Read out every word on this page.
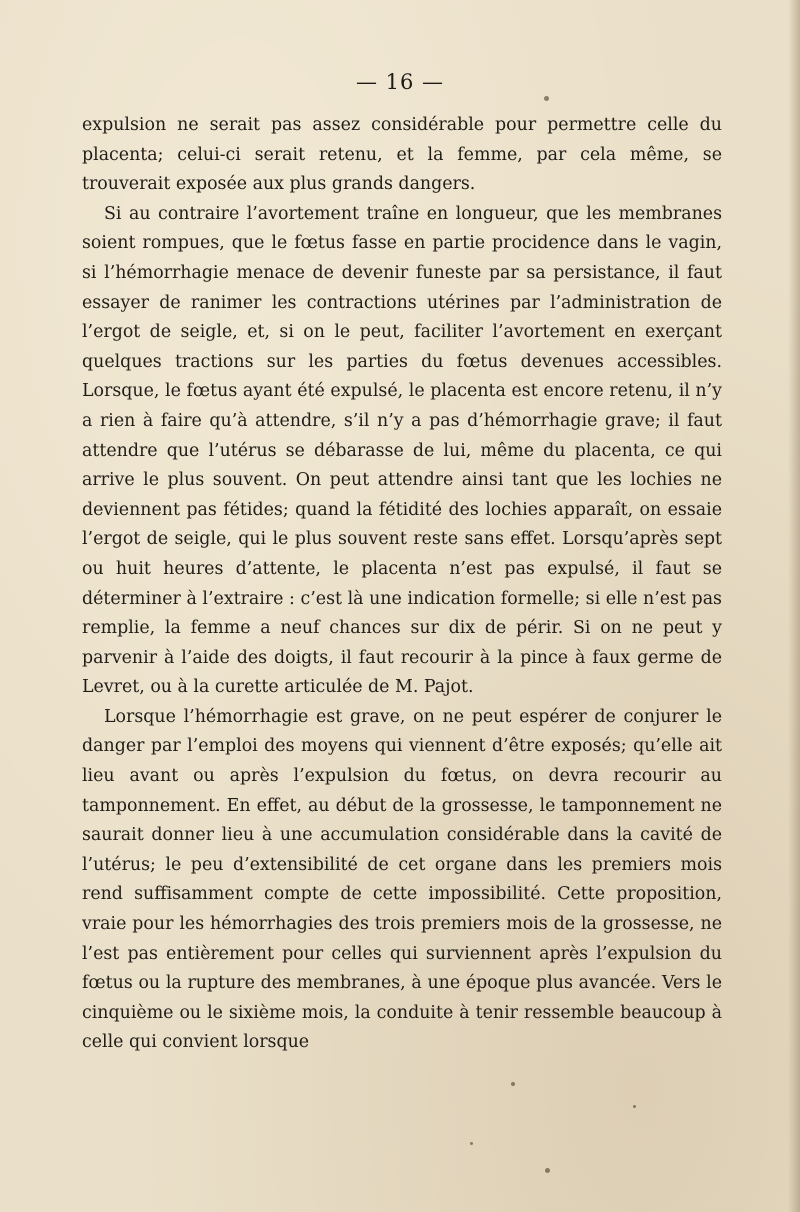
— 16 —

expulsion ne serait pas assez considérable pour permettre celle du placenta; celui-ci serait retenu, et la femme, par cela même, se trouverait exposée aux plus grands dangers.

Si au contraire l’avortement traîne en longueur, que les membranes soient rompues, que le fœtus fasse en partie procidence dans le vagin, si l’hémorrhagie menace de devenir funeste par sa persistance, il faut essayer de ranimer les contractions utérines par l’administration de l’ergot de seigle, et, si on le peut, faciliter l’avortement en exerçant quelques tractions sur les parties du fœtus devenues accessibles. Lorsque, le fœtus ayant été expulsé, le placenta est encore retenu, il n’y a rien à faire qu’à attendre, s’il n’y a pas d’hémorrhagie grave; il faut attendre que l’utérus se débarasse de lui, même du placenta, ce qui arrive le plus souvent. On peut attendre ainsi tant que les lochies ne deviennent pas fétides; quand la fétidité des lochies apparaît, on essaie l’ergot de seigle, qui le plus souvent reste sans effet. Lorsqu’après sept ou huit heures d’attente, le placenta n’est pas expulsé, il faut se déterminer à l’extraire : c’est là une indication formelle; si elle n’est pas remplie, la femme a neuf chances sur dix de périr. Si on ne peut y parvenir à l’aide des doigts, il faut recourir à la pince à faux germe de Levret, ou à la curette articulée de M. Pajot.

Lorsque l’hémorrhagie est grave, on ne peut espérer de conjurer le danger par l’emploi des moyens qui viennent d’être exposés; qu’elle ait lieu avant ou après l’expulsion du fœtus, on devra recourir au tamponnement. En effet, au début de la grossesse, le tamponnement ne saurait donner lieu à une accumulation considérable dans la cavité de l’utérus; le peu d’extensibilité de cet organe dans les premiers mois rend suffisamment compte de cette impossibilité. Cette proposition, vraie pour les hémorrhagies des trois premiers mois de la grossesse, ne l’est pas entièrement pour celles qui surviennent après l’expulsion du fœtus ou la rupture des membranes, à une époque plus avancée. Vers le cinquième ou le sixième mois, la conduite à tenir ressemble beaucoup à celle qui convient lorsque
